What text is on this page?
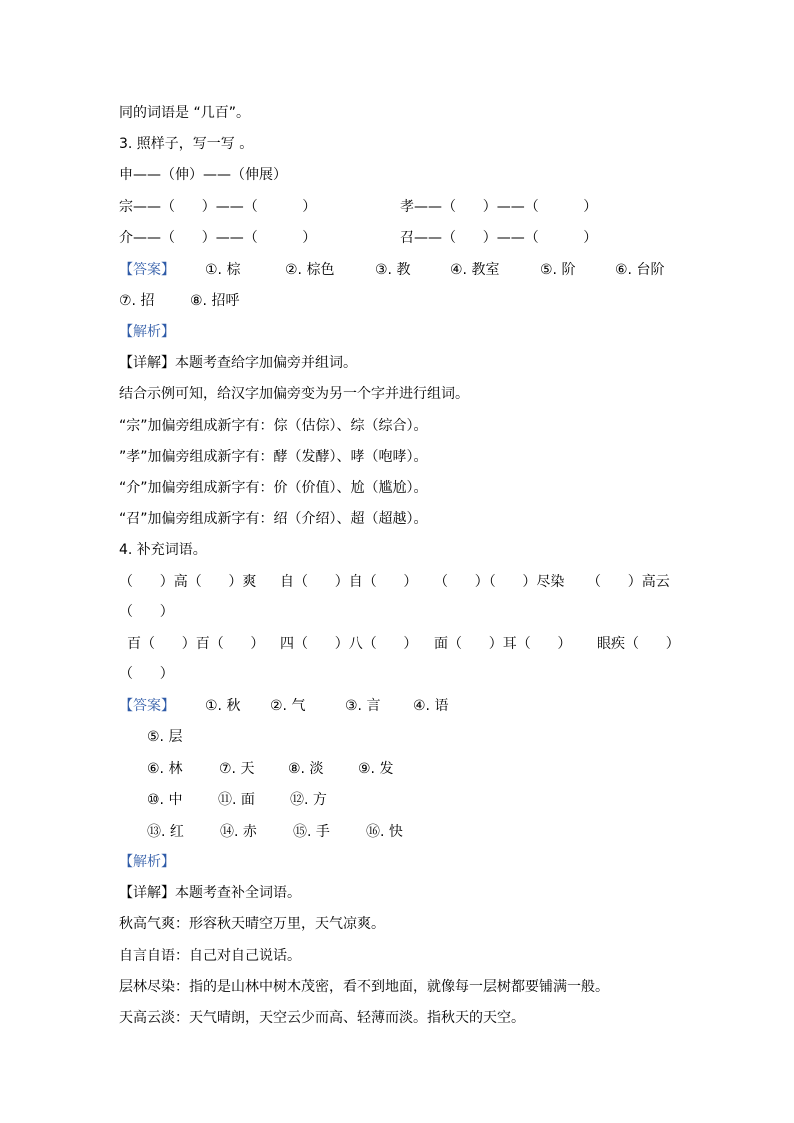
同的词语是 “几百”。
3. 照样子，写一写 。
申——（伸）——（伸展）
宗——（      ）——（          ）	孝——（      ）——（          ）
介——（      ）——（          ）	召——（      ）——（          ）
【答案】 ①. 棕	②. 棕色	③. 教	④. 教室	⑤. 阶	⑥. 台阶
⑦. 招	⑧. 招呼
【解析】
【详解】本题考查给字加偏旁并组词。
结合示例可知，给汉字加偏旁变为另一个字并进行组词。
“宗”加偏旁组成新字有：倧（估倧）、综（综合）。
”孝”加偏旁组成新字有：酵（发酵）、哮（咆哮）。
“介”加偏旁组成新字有：价（价值）、尬（尴尬）。
“召”加偏旁组成新字有：绍（介绍）、超（超越）。
4. 补充词语。
（      ）高（      ）爽 自（      ）自（      ） （      ）（      ）尽染 （      ）高云
（      ）
百（      ）百（      ） 四（      ）八（      ） 面（      ）耳（      ） 眼疾（      ）
（      ）
【答案】 ①. 秋 ②. 气	③. 言 ④. 语
⑤. 层
⑥. 林	⑦. 天 ⑧. 淡 ⑨. 发
⑩. 中	⑪. 面	⑫. 方
⑬. 红	⑭. 赤	⑮. 手	⑯. 快
【解析】
【详解】本题考查补全词语。
秋高气爽：形容秋天晴空万里，天气凉爽。
自言自语：自己对自己说话。
层林尽染：指的是山林中树木茂密，看不到地面，就像每一层树都要铺满一般。
天高云淡：天气晴朗，天空云少而高、轻薄而淡。指秋天的天空。
